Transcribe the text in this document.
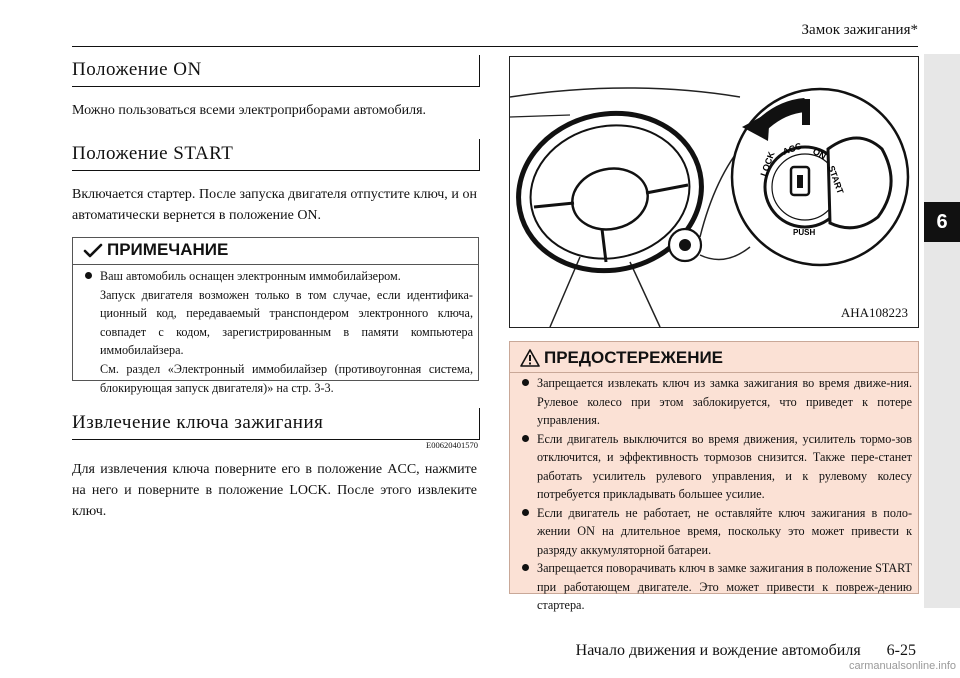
Замок зажигания*
6
Положение ON
Можно пользоваться всеми электроприборами автомобиля.
Положение START
Включается стартер. После запуска двигателя отпустите ключ, и он автоматически вернется в положение ON.
ПРИМЕЧАНИЕ
Ваш автомобиль оснащен электронным иммобилайзером.
Запуск двигателя возможен только в том случае, если идентифика-ционный код, передаваемый транспондером электронного ключа, совпадет с кодом, зарегистрированным в памяти компьютера иммобилайзера.
См. раздел «Электронный иммобилайзер (противоугонная система, блокирующая запуск двигателя)» на стр. 3-3.
Извлечение ключа зажигания
E00620401570
Для извлечения ключа поверните его в положение ACC, нажмите на него и поверните в положение LOCK. После этого извлеките ключ.
LOCK
ACC ON
START
PUSH
AHA108223
ПРЕДОСТЕРЕЖЕНИЕ
Запрещается извлекать ключ из замка зажигания во время движе-ния. Рулевое колесо при этом заблокируется, что приведет к потере управления.
Если двигатель выключится во время движения, усилитель тормо-зов отключится, и эффективность тормозов снизится. Также пере-станет работать усилитель рулевого управления, и к рулевому колесу потребуется прикладывать большее усилие.
Если двигатель не работает, не оставляйте ключ зажигания в поло-жении ON на длительное время, поскольку это может привести к разряду аккумуляторной батареи.
Запрещается поворачивать ключ в замке зажигания в положение START при работающем двигателе. Это может привести к повреж-дению стартера.
Начало движения и вождение автомобиля 6-25
carmanualsonline.info
